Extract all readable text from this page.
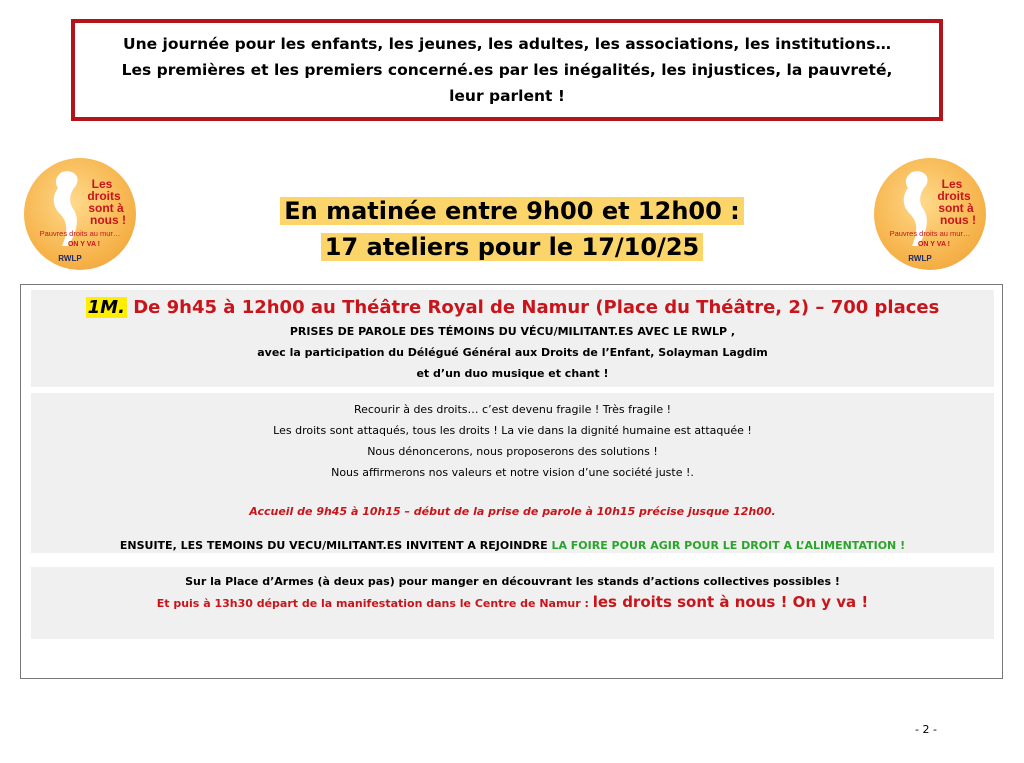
Une journée pour les enfants, les jeunes, les adultes, les associations, les institutions…
Les premières et les premiers concerné.es par les inégalités, les injustices, la pauvreté,
leur parlent !
Les
droits
sont à
nous !
Pauvres droits au mur…
ON Y VA !
RWLP
Les
droits
sont à
nous !
Pauvres droits au mur…
ON Y VA !
RWLP
En matinée entre 9h00 et 12h00 :
17 ateliers pour le 17/10/25
1M. De 9h45 à 12h00 au Théâtre Royal de Namur (Place du Théâtre, 2) – 700 places
PRISES DE PAROLE DES TÉMOINS DU VÉCU/MILITANT.ES AVEC LE RWLP ,
avec la participation du Délégué Général aux Droits de l’Enfant, Solayman Lagdim
et d’un duo musique et chant !
Recourir à des droits… c’est devenu fragile ! Très fragile !
Les droits sont attaqués, tous les droits ! La vie dans la dignité humaine est attaquée !
Nous dénoncerons, nous proposerons des solutions !
Nous affirmerons nos valeurs et notre vision d’une société juste !.
Accueil de 9h45 à 10h15 – début de la prise de parole à 10h15 précise jusque 12h00.
ENSUITE, LES TEMOINS DU VECU/MILITANT.ES INVITENT A REJOINDRE LA FOIRE POUR AGIR POUR LE DROIT A L’ALIMENTATION !
Sur la Place d’Armes (à deux pas) pour manger en découvrant les stands d’actions collectives possibles !
Et puis à 13h30 départ de la manifestation dans le Centre de Namur : les droits sont à nous ! On y va !
- 2 -
